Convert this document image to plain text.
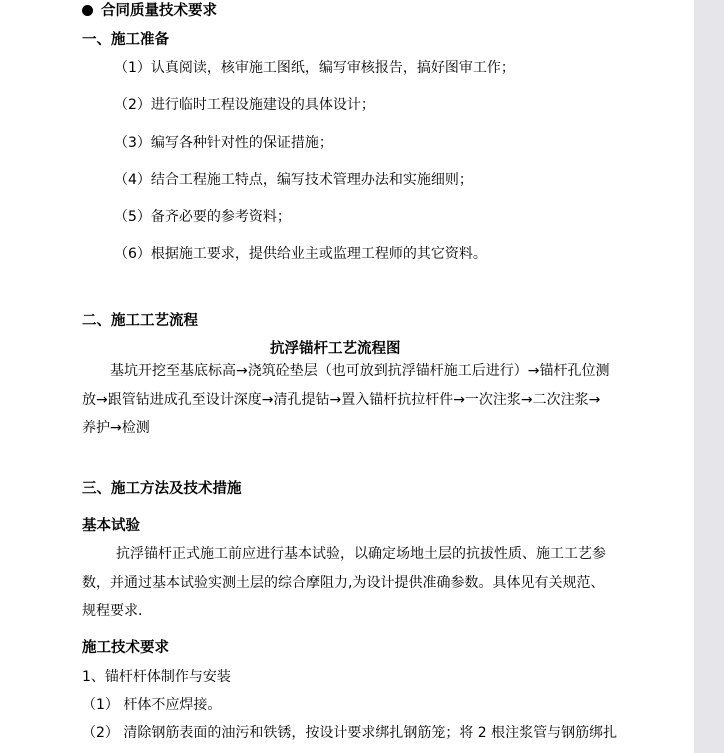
合同质量技术要求
一、施工准备
（1）认真阅读，核审施工图纸，编写审核报告，搞好图审工作；
（2）进行临时工程设施建设的具体设计；
（3）编写各种针对性的保证措施；
（4）结合工程施工特点，编写技术管理办法和实施细则；
（5）备齐必要的参考资料；
（6）根据施工要求，提供给业主或监理工程师的其它资料。
二、施工工艺流程
抗浮锚杆工艺流程图
基坑开挖至基底标高→浇筑砼垫层（也可放到抗浮锚杆施工后进行）→锚杆孔位测
放→跟管钻进成孔至设计深度→清孔提钻→置入锚杆抗拉杆件→一次注浆→二次注浆→
养护→检测
三、施工方法及技术措施
基本试验
抗浮锚杆正式施工前应进行基本试验，以确定场地土层的抗拔性质、施工工艺参
数，并通过基本试验实测土层的综合摩阻力,为设计提供准确参数。具体见有关规范、
规程要求.
施工技术要求
1、锚杆杆体制作与安装
（1） 杆体不应焊接。
（2） 清除钢筋表面的油污和铁锈，按设计要求绑扎钢筋笼；将 2 根注浆管与钢筋绑扎
